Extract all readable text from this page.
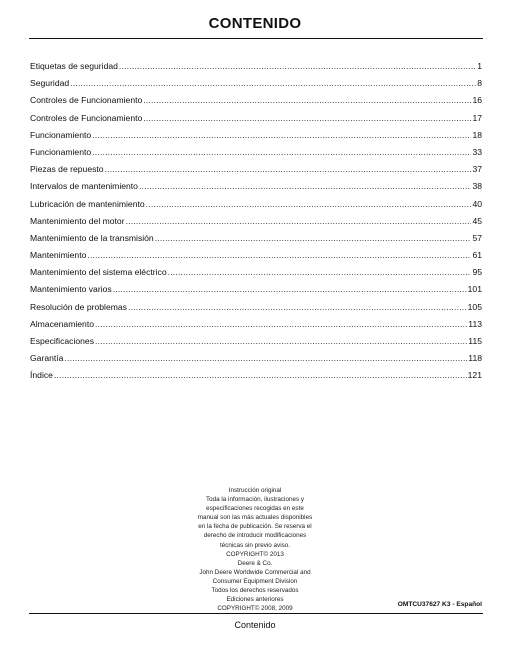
CONTENIDO
Etiquetas de seguridad .....	1
Seguridad .....	8
Controles de Funcionamiento .....	16
Controles de Funcionamiento .....	17
Funcionamiento .....	18
Funcionamiento .....	33
Piezas de repuesto .....	37
Intervalos de mantenimiento .....	38
Lubricación de mantenimiento .....	40
Mantenimiento del motor .....	45
Mantenimiento de la transmisión .....	57
Mantenimiento .....	61
Mantenimiento del sistema eléctrico .....	95
Mantenimiento varios .....	101
Resolución de problemas .....	105
Almacenamiento .....	113
Especificaciones .....	115
Garantía .....	118
Índice .....	121
Instrucción original
Toda la información, ilustraciones y
especificaciones recogidas en este
manual son las más actuales disponibles
en la fecha de publicación. Se reserva el
derecho de introducir modificaciones
técnicas sin previo aviso.
COPYRIGHT© 2013
Deere & Co.
John Deere Worldwide Commercial and
Consumer Equipment Division
Todos los derechos reservados
Ediciones anteriores
COPYRIGHT© 2008, 2009
OMTCU37627 K3 - Español
Contenido
